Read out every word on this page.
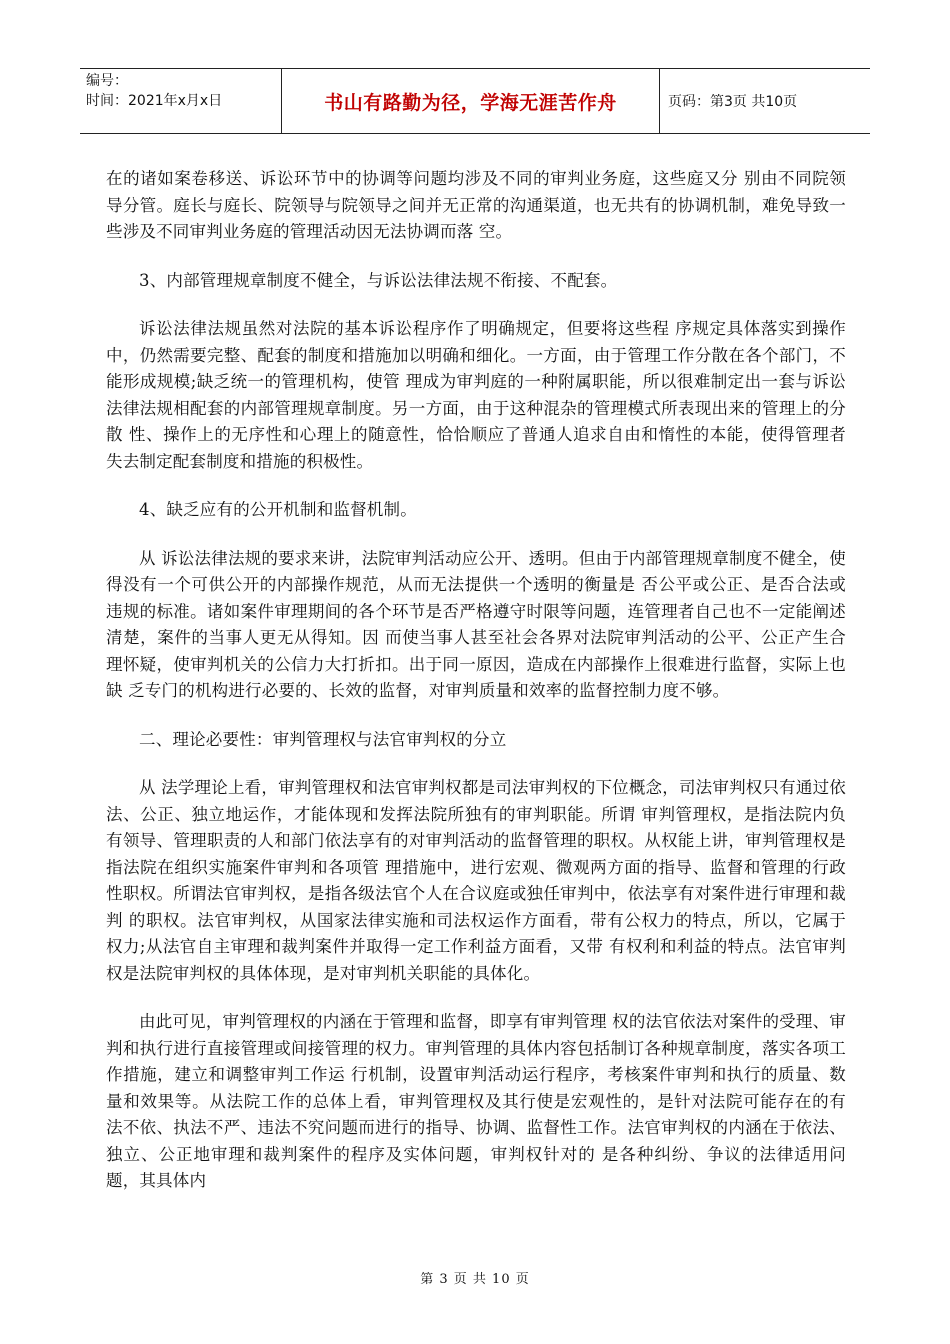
编号：
时间：2021年x月x日	书山有路勤为径，学海无涯苦作舟	页码：第3页 共10页

在的诸如案卷移送、诉讼环节中的协调等问题均涉及不同的审判业务庭，这些庭又分 别由不同院领导分管。庭长与庭长、院领导与院领导之间并无正常的沟通渠道，也无共有的协调机制，难免导致一些涉及不同审判业务庭的管理活动因无法协调而落 空。

3、内部管理规章制度不健全，与诉讼法律法规不衔接、不配套。

诉讼法律法规虽然对法院的基本诉讼程序作了明确规定，但要将这些程 序规定具体落实到操作中，仍然需要完整、配套的制度和措施加以明确和细化。一方面，由于管理工作分散在各个部门，不能形成规模;缺乏统一的管理机构，使管 理成为审判庭的一种附属职能，所以很难制定出一套与诉讼法律法规相配套的内部管理规章制度。另一方面，由于这种混杂的管理模式所表现出来的管理上的分散 性、操作上的无序性和心理上的随意性，恰恰顺应了普通人追求自由和惰性的本能，使得管理者失去制定配套制度和措施的积极性。

4、缺乏应有的公开机制和监督机制。

从 诉讼法律法规的要求来讲，法院审判活动应公开、透明。但由于内部管理规章制度不健全，使得没有一个可供公开的内部操作规范，从而无法提供一个透明的衡量是 否公平或公正、是否合法或违规的标准。诸如案件审理期间的各个环节是否严格遵守时限等问题，连管理者自己也不一定能阐述清楚，案件的当事人更无从得知。因 而使当事人甚至社会各界对法院审判活动的公平、公正产生合理怀疑，使审判机关的公信力大打折扣。出于同一原因，造成在内部操作上很难进行监督，实际上也缺 乏专门的机构进行必要的、长效的监督，对审判质量和效率的监督控制力度不够。

二、理论必要性：审判管理权与法官审判权的分立

从 法学理论上看，审判管理权和法官审判权都是司法审判权的下位概念，司法审判权只有通过依法、公正、独立地运作，才能体现和发挥法院所独有的审判职能。所谓 审判管理权，是指法院内负有领导、管理职责的人和部门依法享有的对审判活动的监督管理的职权。从权能上讲，审判管理权是指法院在组织实施案件审判和各项管 理措施中，进行宏观、微观两方面的指导、监督和管理的行政性职权。所谓法官审判权，是指各级法官个人在合议庭或独任审判中，依法享有对案件进行审理和裁判 的职权。法官审判权，从国家法律实施和司法权运作方面看，带有公权力的特点，所以，它属于权力;从法官自主审理和裁判案件并取得一定工作利益方面看，又带 有权利和利益的特点。法官审判权是法院审判权的具体体现，是对审判机关职能的具体化。

由此可见，审判管理权的内涵在于管理和监督，即享有审判管理 权的法官依法对案件的受理、审判和执行进行直接管理或间接管理的权力。审判管理的具体内容包括制订各种规章制度，落实各项工作措施，建立和调整审判工作运 行机制，设置审判活动运行程序，考核案件审判和执行的质量、数量和效果等。从法院工作的总体上看，审判管理权及其行使是宏观性的，是针对法院可能存在的有 法不依、执法不严、违法不究问题而进行的指导、协调、监督性工作。法官审判权的内涵在于依法、独立、公正地审理和裁判案件的程序及实体问题，审判权针对的 是各种纠纷、争议的法律适用问题，其具体内

第 3 页 共 10 页
